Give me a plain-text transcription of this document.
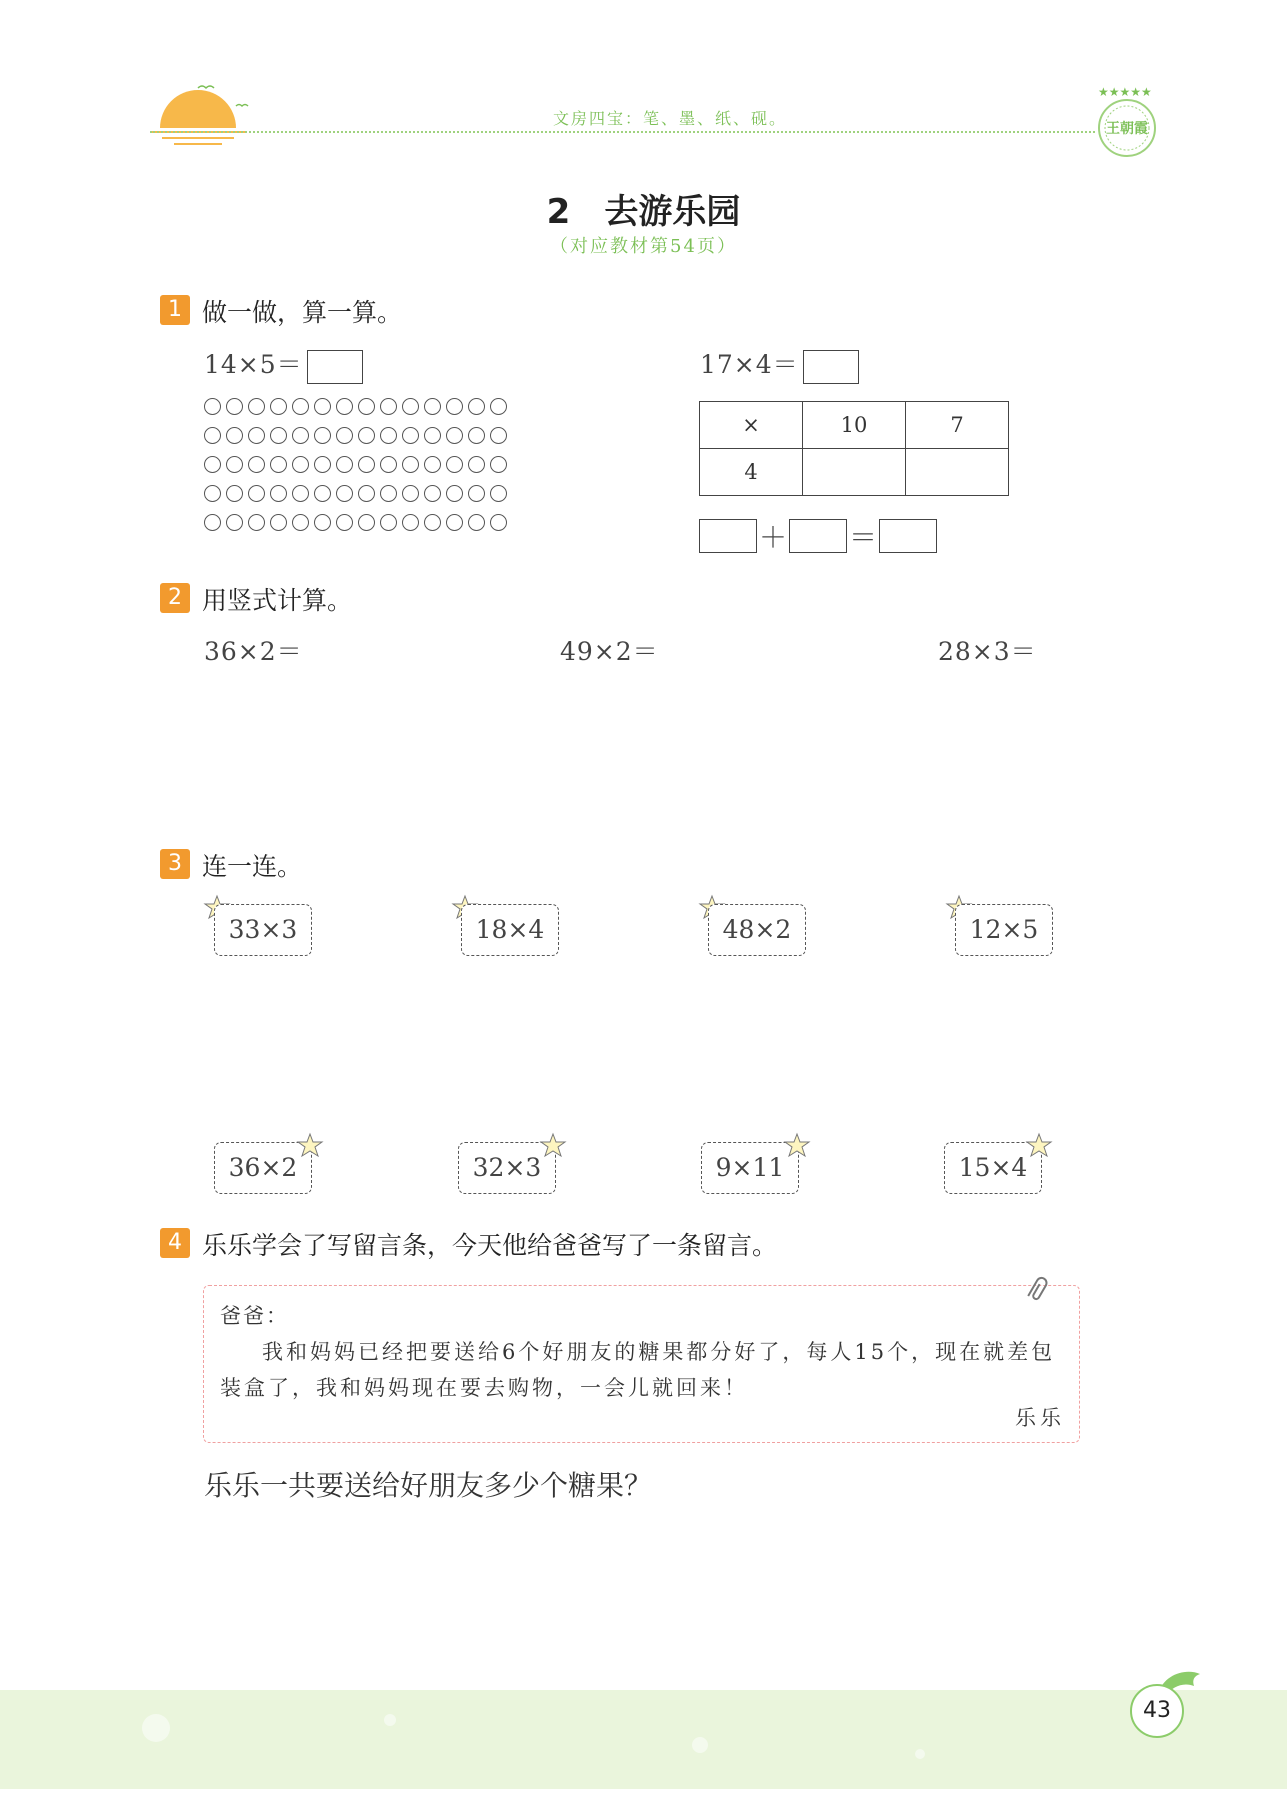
文房四宝：笔、墨、纸、砚。
★★★★★
王朝霞
2　去游乐园
（对应教材第54页）
1 做一做，算一算。
14×5＝	17×4＝
×	10	7
4		
＋ ＝
2 用竖式计算。
36×2＝	49×2＝	28×3＝
3 连一连。
33×3	18×4	48×2	12×5
36×2	32×3	9×11	15×4
4 乐乐学会了写留言条，今天他给爸爸写了一条留言。
爸爸：
我和妈妈已经把要送给6个好朋友的糖果都分好了，每人15个，现在就差包装盒了，我和妈妈现在要去购物，一会儿就回来！
乐乐
乐乐一共要送给好朋友多少个糖果？
43
